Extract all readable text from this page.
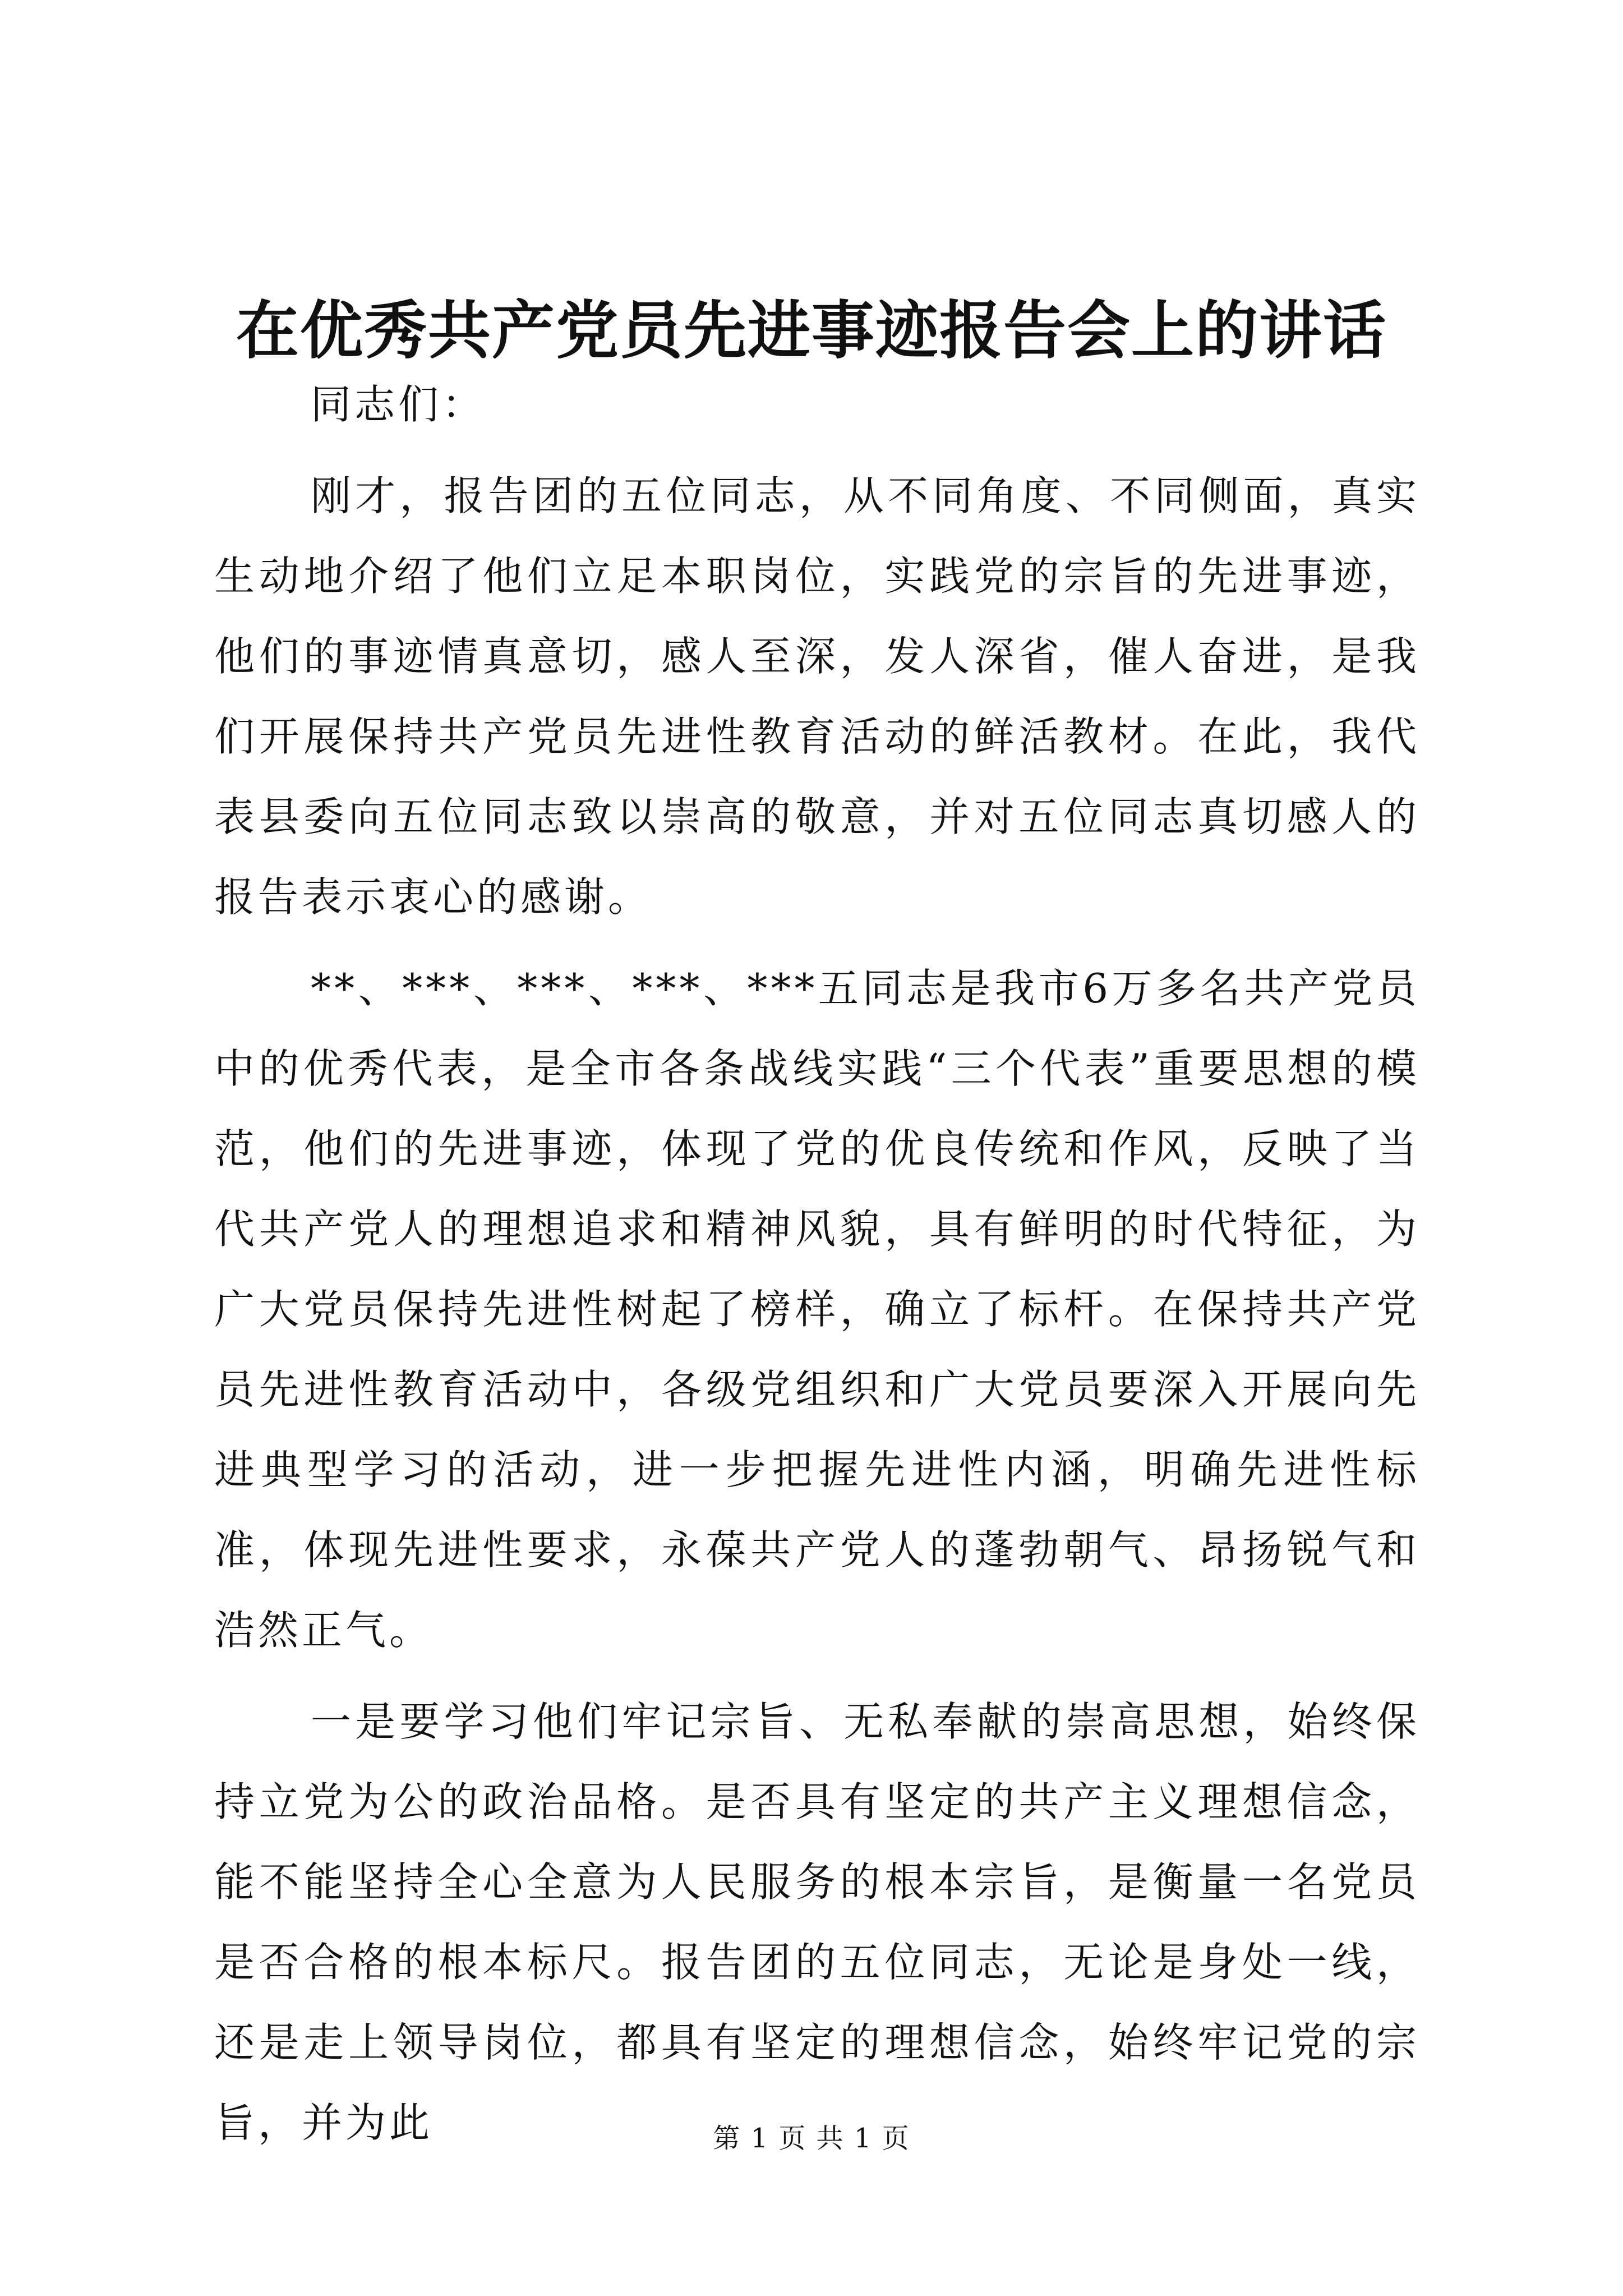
在优秀共产党员先进事迹报告会上的讲话

同志们：

刚才，报告团的五位同志，从不同角度、不同侧面，真实生动地介绍了他们立足本职岗位，实践党的宗旨的先进事迹，他们的事迹情真意切，感人至深，发人深省，催人奋进，是我们开展保持共产党员先进性教育活动的鲜活教材。在此，我代表县委向五位同志致以崇高的敬意，并对五位同志真切感人的报告表示衷心的感谢。

**、***、***、***、***五同志是我市6万多名共产党员中的优秀代表，是全市各条战线实践“三个代表”重要思想的模范，他们的先进事迹，体现了党的优良传统和作风，反映了当代共产党人的理想追求和精神风貌，具有鲜明的时代特征，为广大党员保持先进性树起了榜样，确立了标杆。在保持共产党员先进性教育活动中，各级党组织和广大党员要深入开展向先进典型学习的活动，进一步把握先进性内涵，明确先进性标准，体现先进性要求，永葆共产党人的蓬勃朝气、昂扬锐气和浩然正气。

一是要学习他们牢记宗旨、无私奉献的崇高思想，始终保持立党为公的政治品格。是否具有坚定的共产主义理想信念，能不能坚持全心全意为人民服务的根本宗旨，是衡量一名党员是否合格的根本标尺。报告团的五位同志，无论是身处一线，还是走上领导岗位，都具有坚定的理想信念，始终牢记党的宗旨，并为此	第 1 页 共 1 页
